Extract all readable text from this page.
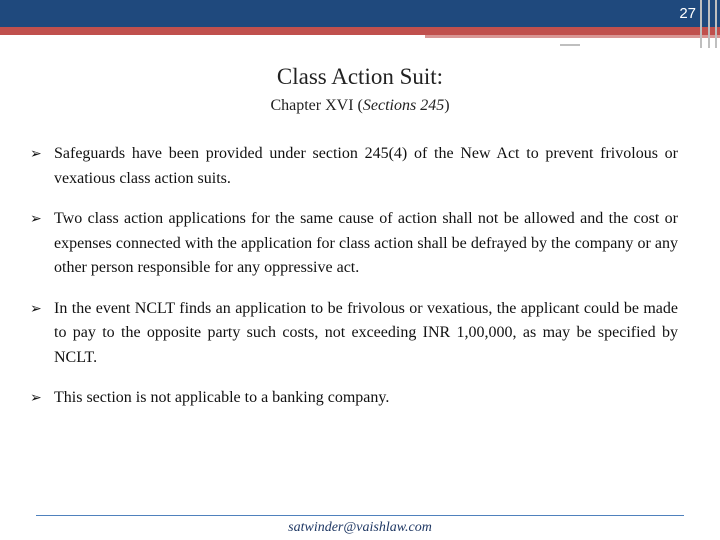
27
Class Action Suit:
Chapter XVI (Sections 245)
➢ Safeguards have been provided under section 245(4) of the New Act to prevent frivolous or vexatious class action suits.
➢ Two class action applications for the same cause of action shall not be allowed and the cost or expenses connected with the application for class action shall be defrayed by the company or any other person responsible for any oppressive act.
➢ In the event NCLT finds an application to be frivolous or vexatious, the applicant could be made to pay to the opposite party such costs, not exceeding INR 1,00,000, as may be specified by NCLT.
➢ This section is not applicable to a banking company.
satwinder@vaishlaw.com
